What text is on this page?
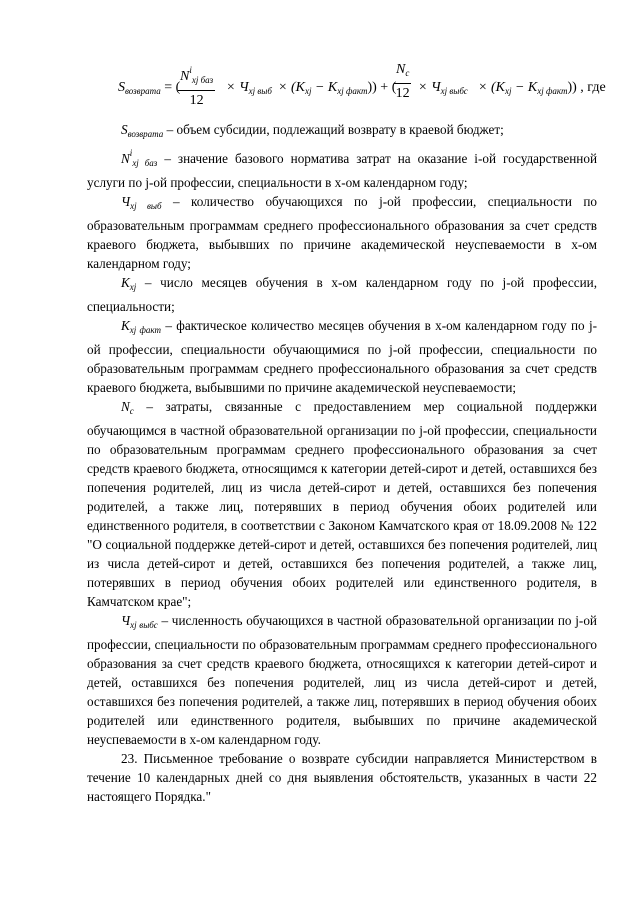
$S_{возврата}$ = (
$N^i_{хj баз}$
12
× $Ч_{хj выб} \times (K_{хj} - K_{хj факт})$) + (
$\frac{N_c}{12} \times Ч_{хj выбс} \times (K_{хj} - K_{хj факт})$) , где

$S_{возврата}$ – объем субсидии, подлежащий возврату в краевой бюджет;

$N^i_{хj баз}$ – значение базового норматива затрат на оказание i-ой государственной услуги по j-ой профессии, специальности в х-ом календарном году;

$Ч_{хj выб}$ – количество обучающихся по j-ой профессии, специальности по образовательным программам среднего профессионального образования за счет средств краевого бюджета, выбывших по причине академической неуспеваемости в х-ом календарном году;

$К_{хj}$ – число месяцев обучения в х-ом календарном году по j-ой профессии, специальности;

$К_{хj факт}$ – фактическое количество месяцев обучения в х-ом календарном году по j-ой профессии, специальности обучающимися по j-ой профессии, специальности по образовательным программам среднего профессионального образования за счет средств краевого бюджета, выбывшими по причине академической неуспеваемости;

$N_c$ – затраты, связанные с предоставлением мер социальной поддержки обучающимся в частной образовательной организации по j-ой профессии, специальности по образовательным программам среднего профессионального образования за счет средств краевого бюджета, относящимся к категории детей-сирот и детей, оставшихся без попечения родителей, лиц из числа детей-сирот и детей, оставшихся без попечения родителей, а также лиц, потерявших в период обучения обоих родителей или единственного родителя, в соответствии с Законом Камчатского края от 18.09.2008 № 122 "О социальной поддержке детей-сирот и детей, оставшихся без попечения родителей, лиц из числа детей-сирот и детей, оставшихся без попечения родителей, а также лиц, потерявших в период обучения обоих родителей или единственного родителя, в Камчатском крае";

$Ч_{хj выбс}$ – численность обучающихся в частной образовательной организации по j-ой профессии, специальности по образовательным программам среднего профессионального образования за счет средств краевого бюджета, относящихся к категории детей-сирот и детей, оставшихся без попечения родителей, лиц из числа детей-сирот и детей, оставшихся без попечения родителей, а также лиц, потерявших в период обучения обоих родителей или единственного родителя, выбывших по причине академической неуспеваемости в х-ом календарном году.

23. Письменное требование о возврате субсидии направляется Министерством в течение 10 календарных дней со дня выявления обстоятельств, указанных в части 22 настоящего Порядка."
